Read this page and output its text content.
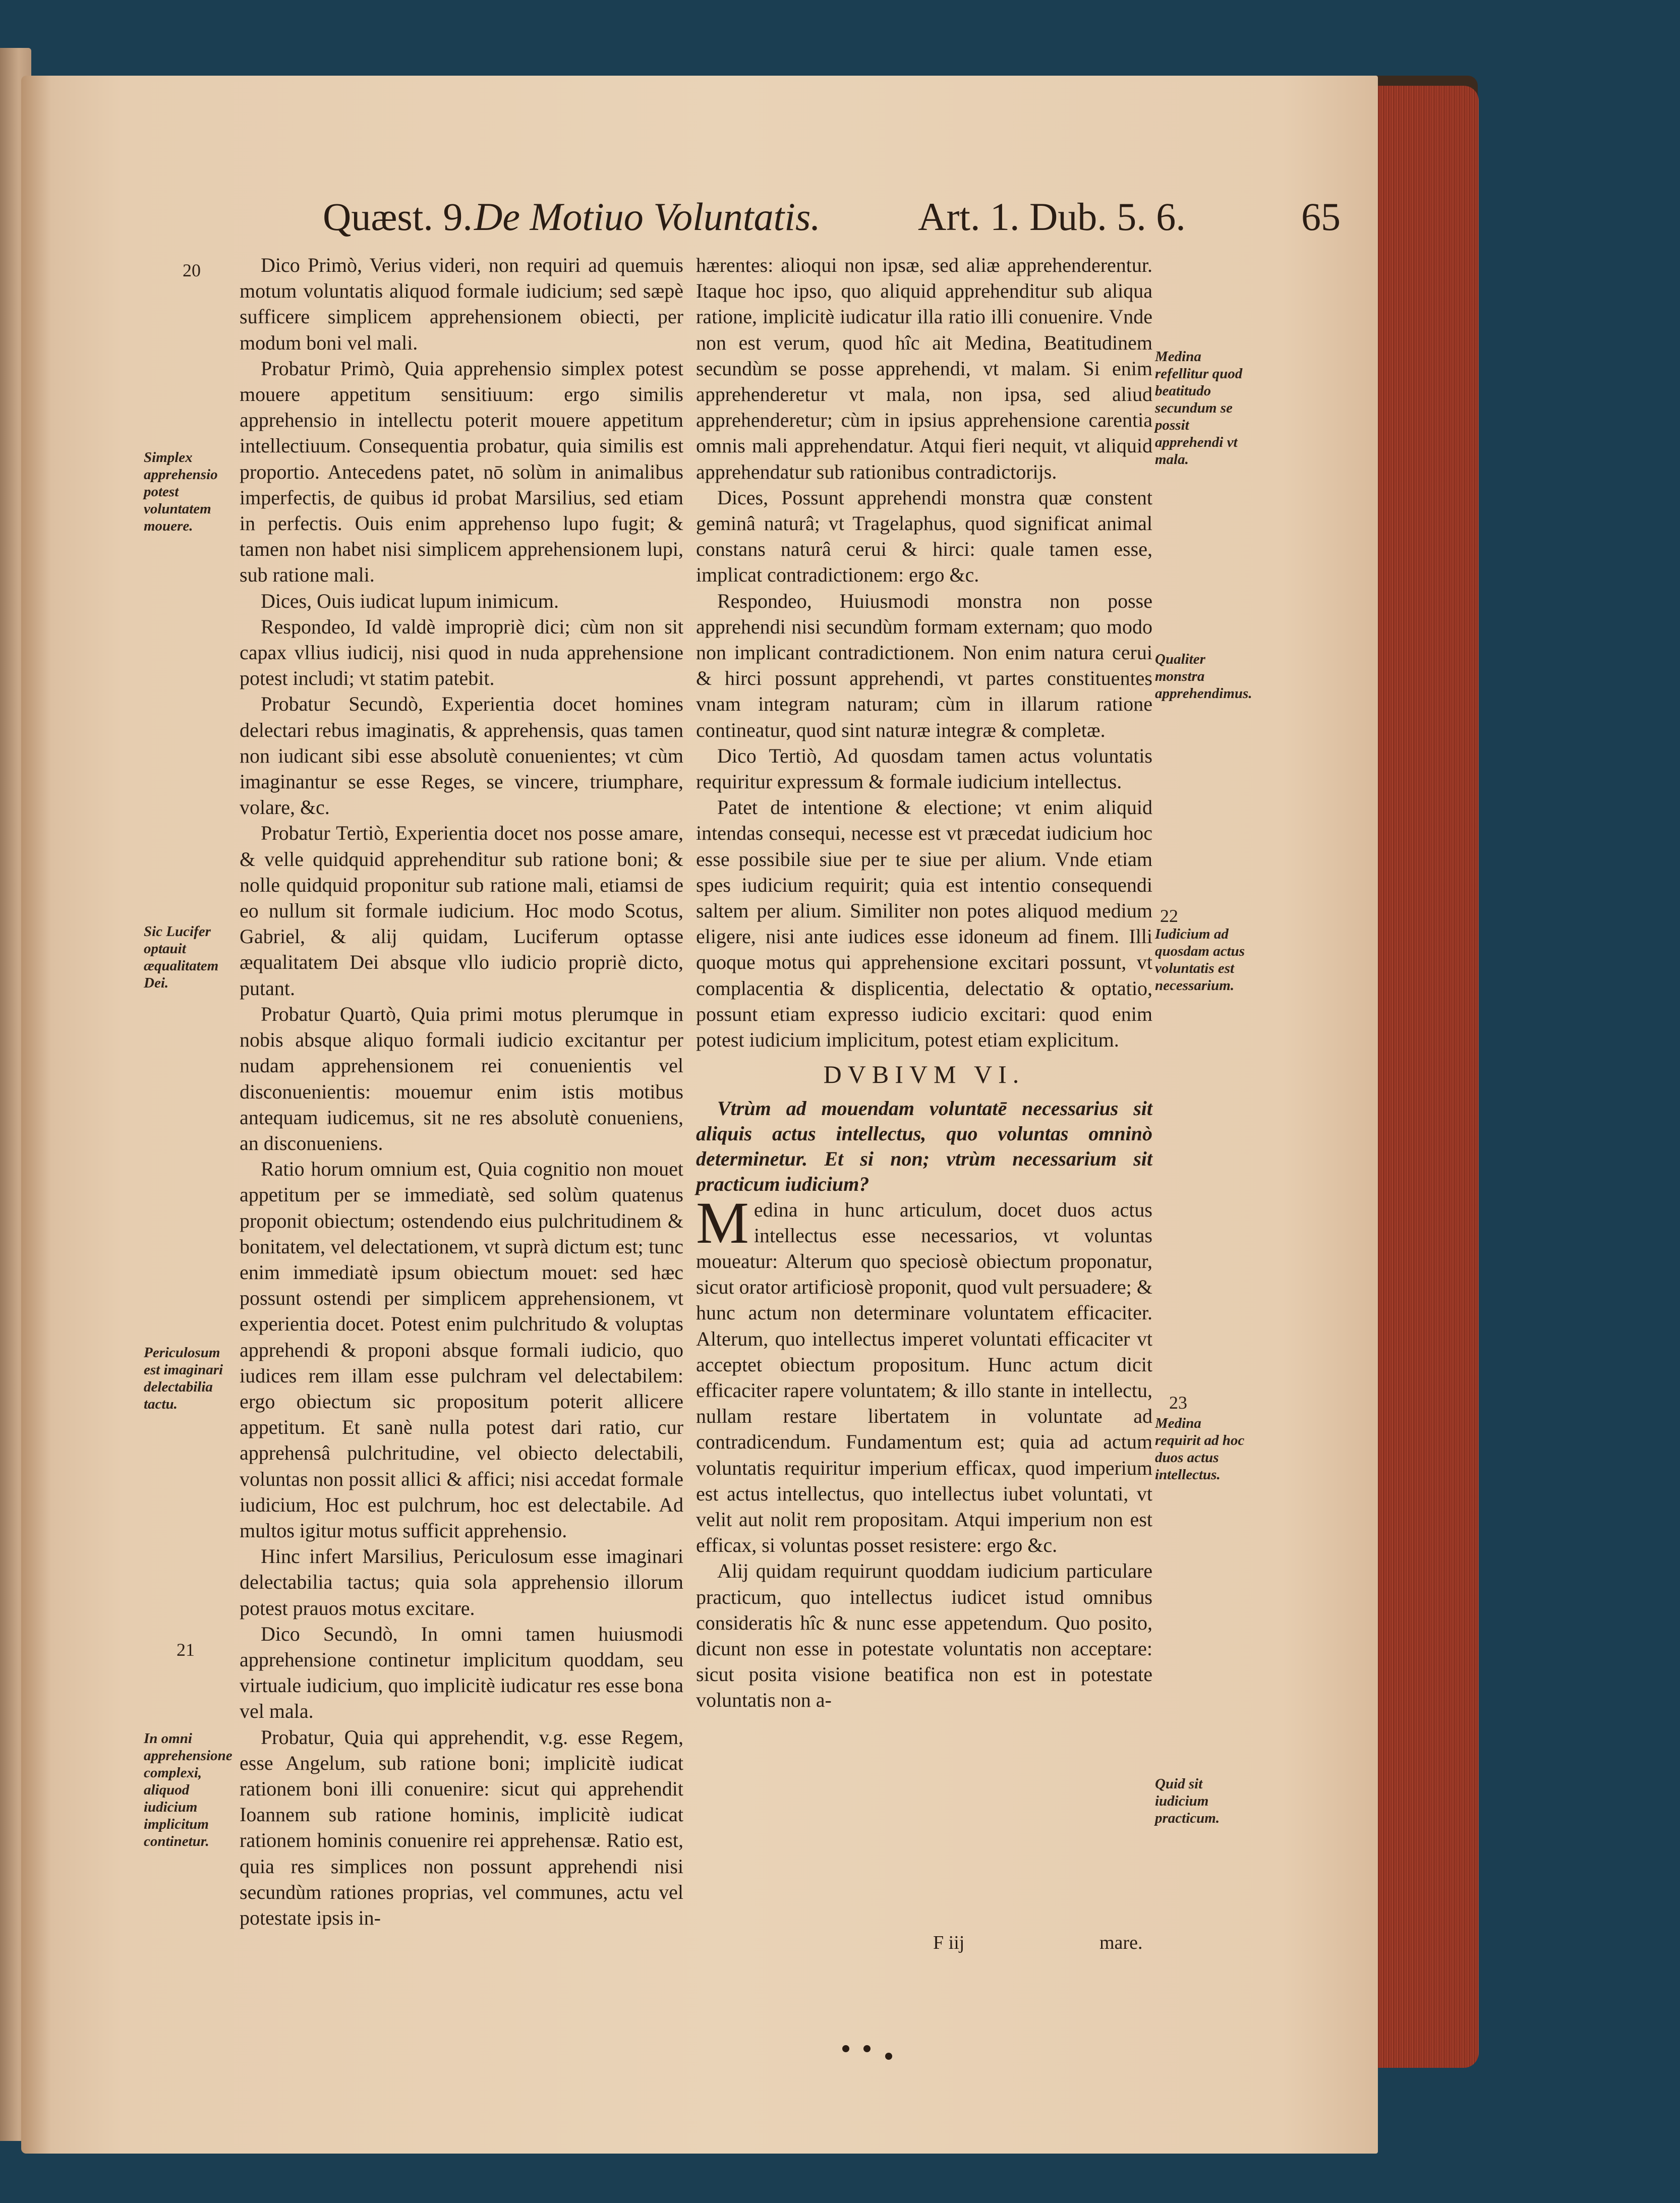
Quæst. 9. De Motiuo Voluntatis. Art. 1. Dub. 5. 6.	65
20
21
22
23
Simplex apprehensio potest voluntatem mouere.
Sic Lucifer optauit æqualitatem Dei.
Periculosum est imaginari delectabilia tactu.
In omni apprehensione complexi, aliquod iudicium implicitum continetur.
Medina refellitur quod beatitudo secundum se possit apprehendi vt mala.
Qualiter monstra apprehendimus.
Iudicium ad quosdam actus voluntatis est necessarium.
Medina requirit ad hoc duos actus intellectus.
Quid sit iudicium practicum.

Dico Primò, Verius videri, non requiri ad quemuis motum voluntatis aliquod formale iudicium; sed sæpè sufficere simplicem apprehensionem obiecti, per modum boni vel mali.

Probatur Primò, Quia apprehensio simplex potest mouere appetitum sensitiuum: ergo similis apprehensio in intellectu poterit mouere appetitum intellectiuum. Consequentia probatur, quia similis est proportio. Antecedens patet, nō solùm in animalibus imperfectis, de quibus id probat Marsilius, sed etiam in perfectis. Ouis enim apprehenso lupo fugit; & tamen non habet nisi simplicem apprehensionem lupi, sub ratione mali.

Dices, Ouis iudicat lupum inimicum.

Respondeo, Id valdè impropriè dici; cùm non sit capax vllius iudicij, nisi quod in nuda apprehensione potest includi; vt statim patebit.

Probatur Secundò, Experientia docet homines delectari rebus imaginatis, & apprehensis, quas tamen non iudicant sibi esse absolutè conuenientes; vt cùm imaginantur se esse Reges, se vincere, triumphare, volare, &c.

Probatur Tertiò, Experientia docet nos posse amare, & velle quidquid apprehenditur sub ratione boni; & nolle quidquid proponitur sub ratione mali, etiamsi de eo nullum sit formale iudicium. Hoc modo Scotus, Gabriel, & alij quidam, Luciferum optasse æqualitatem Dei absque vllo iudicio propriè dicto, putant.

Probatur Quartò, Quia primi motus plerumque in nobis absque aliquo formali iudicio excitantur per nudam apprehensionem rei conuenientis vel disconuenientis: mouemur enim istis motibus antequam iudicemus, sit ne res absolutè conueniens, an disconueniens.

Ratio horum omnium est, Quia cognitio non mouet appetitum per se immediatè, sed solùm quatenus proponit obiectum; ostendendo eius pulchritudinem & bonitatem, vel delectationem, vt suprà dictum est; tunc enim immediatè ipsum obiectum mouet: sed hæc possunt ostendi per simplicem apprehensionem, vt experientia docet. Potest enim pulchritudo & voluptas apprehendi & proponi absque formali iudicio, quo iudices rem illam esse pulchram vel delectabilem: ergo obiectum sic propositum poterit allicere appetitum. Et sanè nulla potest dari ratio, cur apprehensâ pulchritudine, vel obiecto delectabili, voluntas non possit allici & affici; nisi accedat formale iudicium, Hoc est pulchrum, hoc est delectabile. Ad multos igitur motus sufficit apprehensio.

Hinc infert Marsilius, Periculosum esse imaginari delectabilia tactus; quia sola apprehensio illorum potest prauos motus excitare.

Dico Secundò, In omni tamen huiusmodi apprehensione continetur implicitum quoddam, seu virtuale iudicium, quo implicitè iudicatur res esse bona vel mala.

Probatur, Quia qui apprehendit, v.g. esse Regem, esse Angelum, sub ratione boni; implicitè iudicat rationem boni illi conuenire: sicut qui apprehendit Ioannem sub ratione hominis, implicitè iudicat rationem hominis conuenire rei apprehensæ. Ratio est, quia res simplices non possunt apprehendi nisi secundùm rationes proprias, vel communes, actu vel potestate ipsis in-

hærentes: alioqui non ipsæ, sed aliæ apprehenderentur. Itaque hoc ipso, quo aliquid apprehenditur sub aliqua ratione, implicitè iudicatur illa ratio illi conuenire. Vnde non est verum, quod hîc ait Medina, Beatitudinem secundùm se posse apprehendi, vt malam. Si enim apprehenderetur vt mala, non ipsa, sed aliud apprehenderetur; cùm in ipsius apprehensione carentia omnis mali apprehendatur. Atqui fieri nequit, vt aliquid apprehendatur sub rationibus contradictorijs.

Dices, Possunt apprehendi monstra quæ constent geminâ naturâ; vt Tragelaphus, quod significat animal constans naturâ cerui & hirci: quale tamen esse, implicat contradictionem: ergo &c.

Respondeo, Huiusmodi monstra non posse apprehendi nisi secundùm formam externam; quo modo non implicant contradictionem. Non enim natura cerui & hirci possunt apprehendi, vt partes constituentes vnam integram naturam; cùm in illarum ratione contineatur, quod sint naturæ integræ & completæ.

Dico Tertiò, Ad quosdam tamen actus voluntatis requiritur expressum & formale iudicium intellectus.

Patet de intentione & electione; vt enim aliquid intendas consequi, necesse est vt præcedat iudicium hoc esse possibile siue per te siue per alium. Vnde etiam spes iudicium requirit; quia est intentio consequendi saltem per alium. Similiter non potes aliquod medium eligere, nisi ante iudices esse idoneum ad finem. Illi quoque motus qui apprehensione excitari possunt, vt complacentia & displicentia, delectatio & optatio, possunt etiam expresso iudicio excitari: quod enim potest iudicium implicitum, potest etiam explicitum.

DVBIVM VI.

Vtrùm ad mouendam voluntatē necessarius sit aliquis actus intellectus, quo voluntas omninò determinetur. Et si non; vtrùm necessarium sit practicum iudicium?

Medina in hunc articulum, docet duos actus intellectus esse necessarios, vt voluntas moueatur: Alterum quo speciosè obiectum proponatur, sicut orator artificiosè proponit, quod vult persuadere; & hunc actum non determinare voluntatem efficaciter. Alterum, quo intellectus imperet voluntati efficaciter vt acceptet obiectum propositum. Hunc actum dicit efficaciter rapere voluntatem; & illo stante in intellectu, nullam restare libertatem in voluntate ad contradicendum. Fundamentum est; quia ad actum voluntatis requiritur imperium efficax, quod imperium est actus intellectus, quo intellectus iubet voluntati, vt velit aut nolit rem propositam. Atqui imperium non est efficax, si voluntas posset resistere: ergo &c.

Alij quidam requirunt quoddam iudicium particulare practicum, quo intellectus iudicet istud omnibus consideratis hîc & nunc esse appetendum. Quo posito, dicunt non esse in potestate voluntatis non acceptare: sicut posita visione beatifica non est in potestate voluntatis non a-

F iij	mare.
